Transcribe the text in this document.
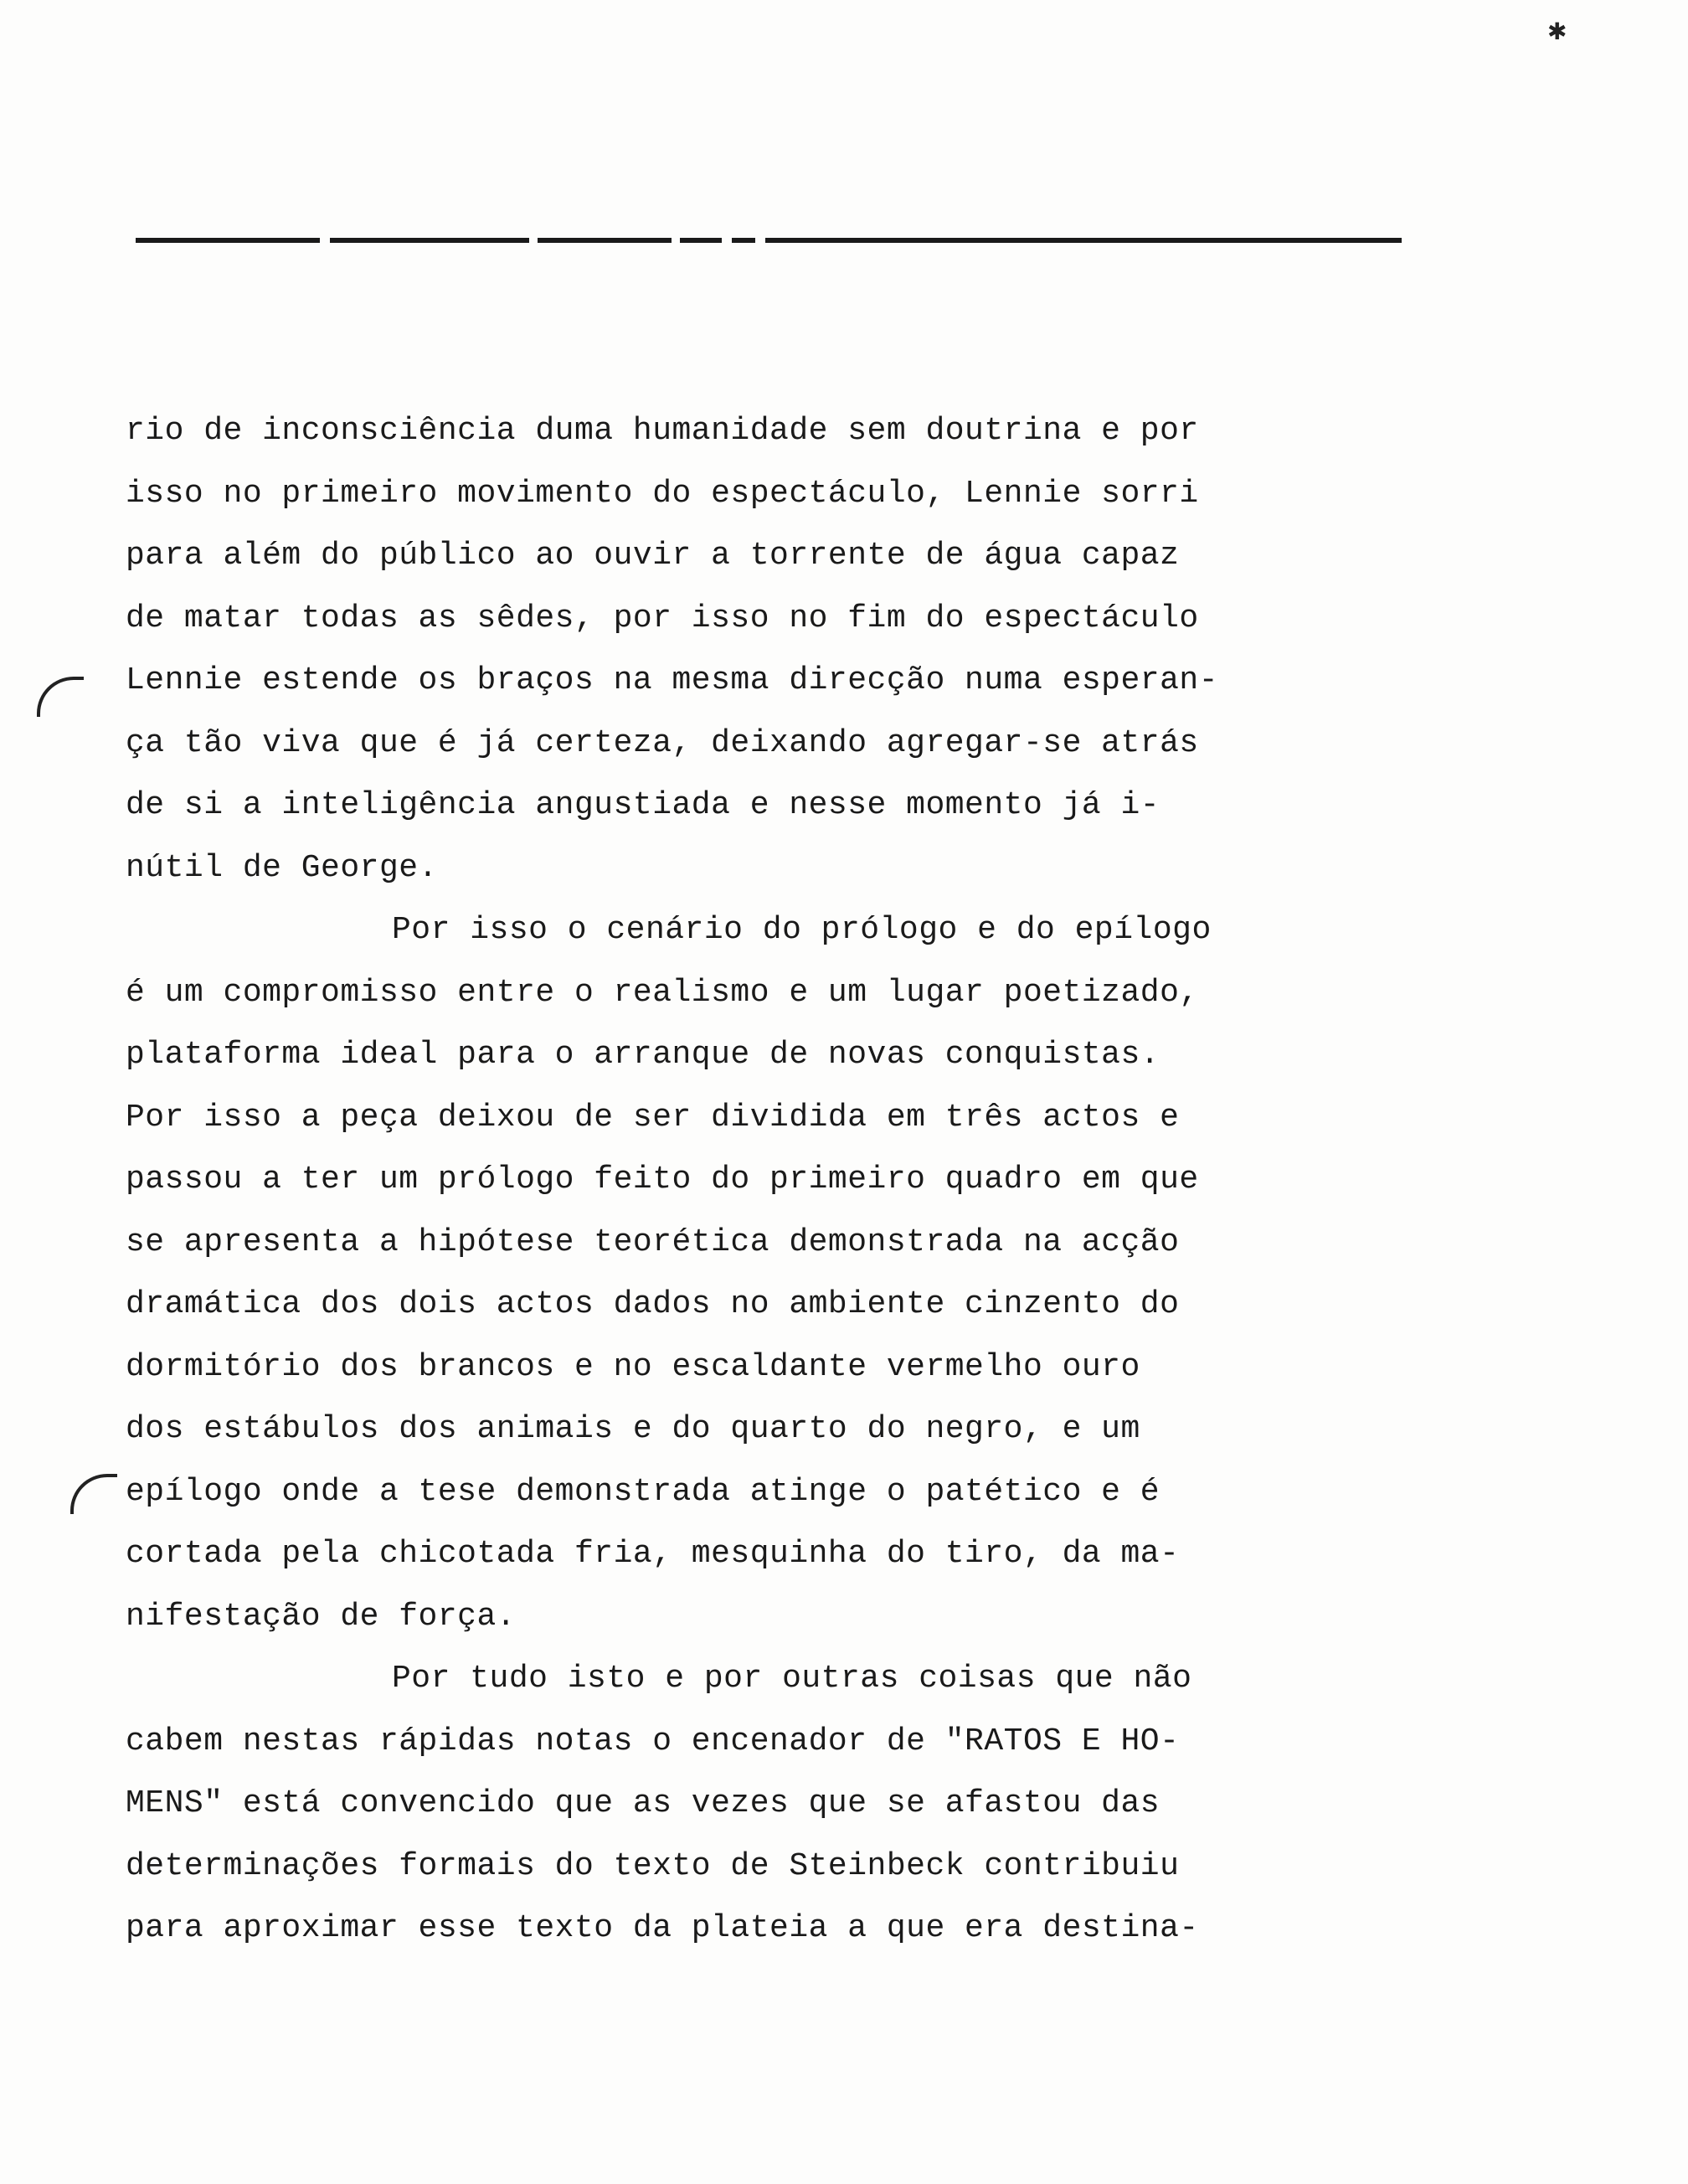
✱
rio de inconsciência duma humanidade sem doutrina e por
isso no primeiro movimento do espectáculo, Lennie sorri
para além do público ao ouvir a torrente de água capaz
de matar todas as sêdes, por isso no fim do espectáculo
Lennie estende os braços na mesma direcção numa esperan-
ça tão viva que é já certeza, deixando agregar-se atrás
de si a inteligência angustiada e nesse momento já i-
nútil de George.
Por isso o cenário do prólogo e do epílogo
é um compromisso entre o realismo e um lugar poetizado,
plataforma ideal para o arranque de novas conquistas.
Por isso a peça deixou de ser dividida em três actos e
passou a ter um prólogo feito do primeiro quadro em que
se apresenta a hipótese teorética demonstrada na acção
dramática dos dois actos dados no ambiente cinzento do
dormitório dos brancos e no escaldante vermelho ouro
dos estábulos dos animais e do quarto do negro, e um
epílogo onde a tese demonstrada atinge o patético e é
cortada pela chicotada fria, mesquinha do tiro, da ma-
nifestação de força.
Por tudo isto e por outras coisas que não
cabem nestas rápidas notas o encenador de "RATOS E HO-
MENS" está convencido que as vezes que se afastou das
determinações formais do texto de Steinbeck contribuiu
para aproximar esse texto da plateia a que era destina-
